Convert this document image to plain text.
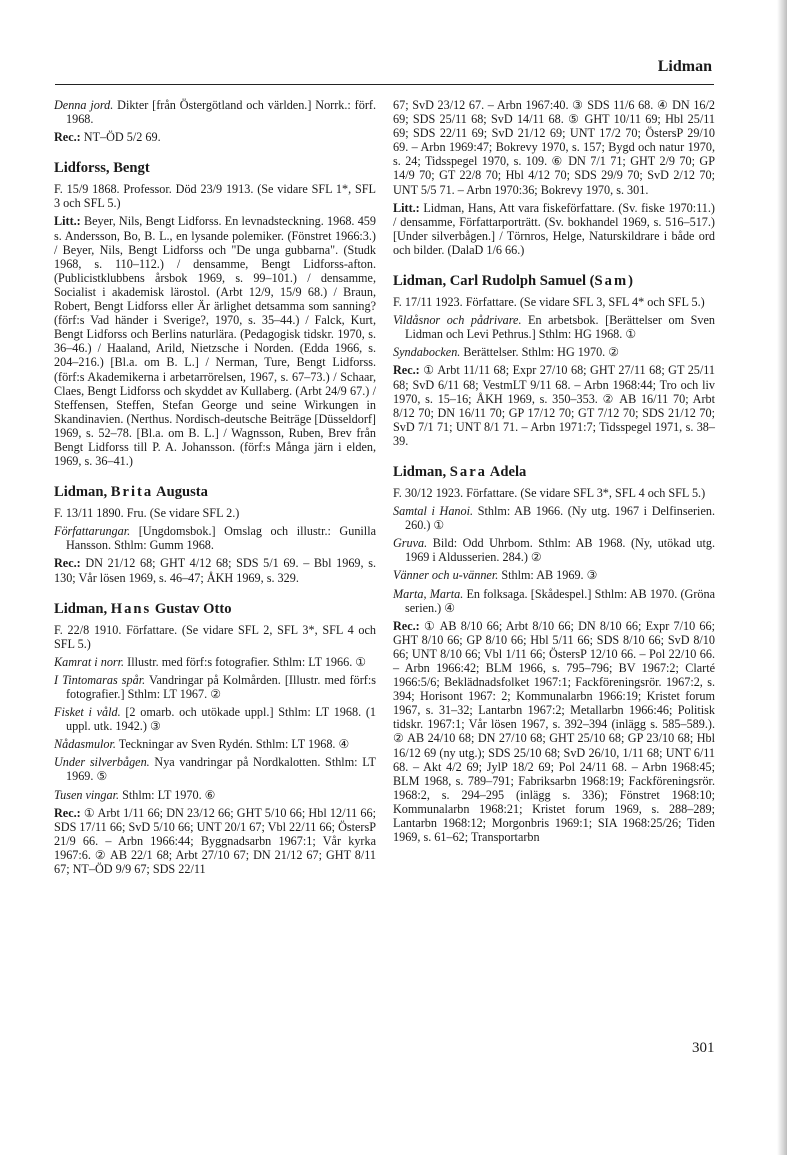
Lidman
Denna jord. Dikter [från Östergötland och världen.] Norrk.: förf. 1968.
Rec.: NT–ÖD 5/2 69.
Lidforss, Bengt
F. 15/9 1868. Professor. Död 23/9 1913. (Se vidare SFL 1*, SFL 3 och SFL 5.)
Litt.: Beyer, Nils, Bengt Lidforss. En levnadsteckning. 1968. 459 s. Andersson, Bo, B. L., en lysande polemiker. (Fönstret 1966:3.) / Beyer, Nils, Bengt Lidforss och "De unga gubbarna". (Studk 1968, s. 110–112.) / densamme, Bengt Lidforss-afton. (Publicistklubbens årsbok 1969, s. 99–101.) / densamme, Socialist i akademisk lärostol. (Arbt 12/9, 15/9 68.) / Braun, Robert, Bengt Lidforss eller Är ärlighet detsamma som sanning? (förf:s Vad händer i Sverige?, 1970, s. 35–44.) / Falck, Kurt, Bengt Lidforss och Berlins naturlära. (Pedagogisk tidskr. 1970, s. 36–46.) / Haaland, Arild, Nietzsche i Norden. (Edda 1966, s. 204–216.) [Bl.a. om B. L.] / Nerman, Ture, Bengt Lidforss. (förf:s Akademikerna i arbetarrörelsen, 1967, s. 67–73.) / Schaar, Claes, Bengt Lidforss och skyddet av Kullaberg. (Arbt 24/9 67.) / Steffensen, Steffen, Stefan George und seine Wirkungen in Skandinavien. (Nerthus. Nordisch-deutsche Beiträge [Düsseldorf] 1969, s. 52–78. [Bl.a. om B. L.] / Wagnsson, Ruben, Brev från Bengt Lidforss till P. A. Johansson. (förf:s Många järn i elden, 1969, s. 36–41.)
Lidman, Brita Augusta
F. 13/11 1890. Fru. (Se vidare SFL 2.)
Författarungar. [Ungdomsbok.] Omslag och illustr.: Gunilla Hansson. Sthlm: Gumm 1968.
Rec.: DN 21/12 68; GHT 4/12 68; SDS 5/1 69. – Bbl 1969, s. 130; Vår lösen 1969, s. 46–47; ÅKH 1969, s. 329.
Lidman, Hans Gustav Otto
F. 22/8 1910. Författare. (Se vidare SFL 2, SFL 3*, SFL 4 och SFL 5.)
Kamrat i norr. Illustr. med förf:s fotografier. Sthlm: LT 1966. ①
I Tintomaras spår. Vandringar på Kolmården. [Illustr. med förf:s fotografier.] Sthlm: LT 1967. ②
Fisket i våld. [2 omarb. och utökade uppl.] Sthlm: LT 1968. (1 uppl. utk. 1942.) ③
Nådasmulor. Teckningar av Sven Rydén. Sthlm: LT 1968. ④
Under silverbågen. Nya vandringar på Nordkalotten. Sthlm: LT 1969. ⑤
Tusen vingar. Sthlm: LT 1970. ⑥
Rec.: ① Arbt 1/11 66; DN 23/12 66; GHT 5/10 66; Hbl 12/11 66; SDS 17/11 66; SvD 5/10 66; UNT 20/1 67; Vbl 22/11 66; ÖstersP 21/9 66. – Arbn 1966:44; Byggnadsarbn 1967:1; Vår kyrka 1967:6. ② AB 22/1 68; Arbt 27/10 67; DN 21/12 67; GHT 8/11 67; NT–ÖD 9/9 67; SDS 22/11
67; SvD 23/12 67. – Arbn 1967:40. ③ SDS 11/6 68. ④ DN 16/2 69; SDS 25/11 68; SvD 14/11 68. ⑤ GHT 10/11 69; Hbl 25/11 69; SDS 22/11 69; SvD 21/12 69; UNT 17/2 70; ÖstersP 29/10 69. – Arbn 1969:47; Bokrevy 1970, s. 157; Bygd och natur 1970, s. 24; Tidsspegel 1970, s. 109. ⑥ DN 7/1 71; GHT 2/9 70; GP 14/9 70; GT 22/8 70; Hbl 4/12 70; SDS 29/9 70; SvD 2/12 70; UNT 5/5 71. – Arbn 1970:36; Bokrevy 1970, s. 301.
Litt.: Lidman, Hans, Att vara fiskeförfattare. (Sv. fiske 1970:11.) / densamme, Författarporträtt. (Sv. bokhandel 1969, s. 516–517.) [Under silverbågen.] / Törnros, Helge, Naturskildrare i både ord och bilder. (DalaD 1/6 66.)
Lidman, Carl Rudolph Samuel (Sam)
F. 17/11 1923. Författare. (Se vidare SFL 3, SFL 4* och SFL 5.)
Vildåsnor och pådrivare. En arbetsbok. [Berättelser om Sven Lidman och Levi Pethrus.] Sthlm: HG 1968. ①
Syndabocken. Berättelser. Sthlm: HG 1970. ②
Rec.: ① Arbt 11/11 68; Expr 27/10 68; GHT 27/11 68; GT 25/11 68; SvD 6/11 68; VestmLT 9/11 68. – Arbn 1968:44; Tro och liv 1970, s. 15–16; ÅKH 1969, s. 350–353. ② AB 16/11 70; Arbt 8/12 70; DN 16/11 70; GP 17/12 70; GT 7/12 70; SDS 21/12 70; SvD 7/1 71; UNT 8/1 71. – Arbn 1971:7; Tidsspegel 1971, s. 38–39.
Lidman, Sara Adela
F. 30/12 1923. Författare. (Se vidare SFL 3*, SFL 4 och SFL 5.)
Samtal i Hanoi. Sthlm: AB 1966. (Ny utg. 1967 i Delfinserien. 260.) ①
Gruva. Bild: Odd Uhrbom. Sthlm: AB 1968. (Ny, utökad utg. 1969 i Aldusserien. 284.) ②
Vänner och u-vänner. Sthlm: AB 1969. ③
Marta, Marta. En folksaga. [Skådespel.] Sthlm: AB 1970. (Gröna serien.) ④
Rec.: ① AB 8/10 66; Arbt 8/10 66; DN 8/10 66; Expr 7/10 66; GHT 8/10 66; GP 8/10 66; Hbl 5/11 66; SDS 8/10 66; SvD 8/10 66; UNT 8/10 66; Vbl 1/11 66; ÖstersP 12/10 66. – Pol 22/10 66. – Arbn 1966:42; BLM 1966, s. 795–796; BV 1967:2; Clarté 1966:5/6; Beklädnadsfolket 1967:1; Fackföreningsrör. 1967:2, s. 394; Horisont 1967: 2; Kommunalarbn 1966:19; Kristet forum 1967, s. 31–32; Lantarbn 1967:2; Metallarbn 1966:46; Politisk tidskr. 1967:1; Vår lösen 1967, s. 392–394 (inlägg s. 585–589.). ② AB 24/10 68; DN 27/10 68; GHT 25/10 68; GP 23/10 68; Hbl 16/12 69 (ny utg.); SDS 25/10 68; SvD 26/10, 1/11 68; UNT 6/11 68. – Akt 4/2 69; JylP 18/2 69; Pol 24/11 68. – Arbn 1968:45; BLM 1968, s. 789–791; Fabriksarbn 1968:19; Fackföreningsrör. 1968:2, s. 294–295 (inlägg s. 336); Fönstret 1968:10; Kommunalarbn 1968:21; Kristet forum 1969, s. 288–289; Lantarbn 1968:12; Morgonbris 1969:1; SIA 1968:25/26; Tiden 1969, s. 61–62; Transportarbn
301
